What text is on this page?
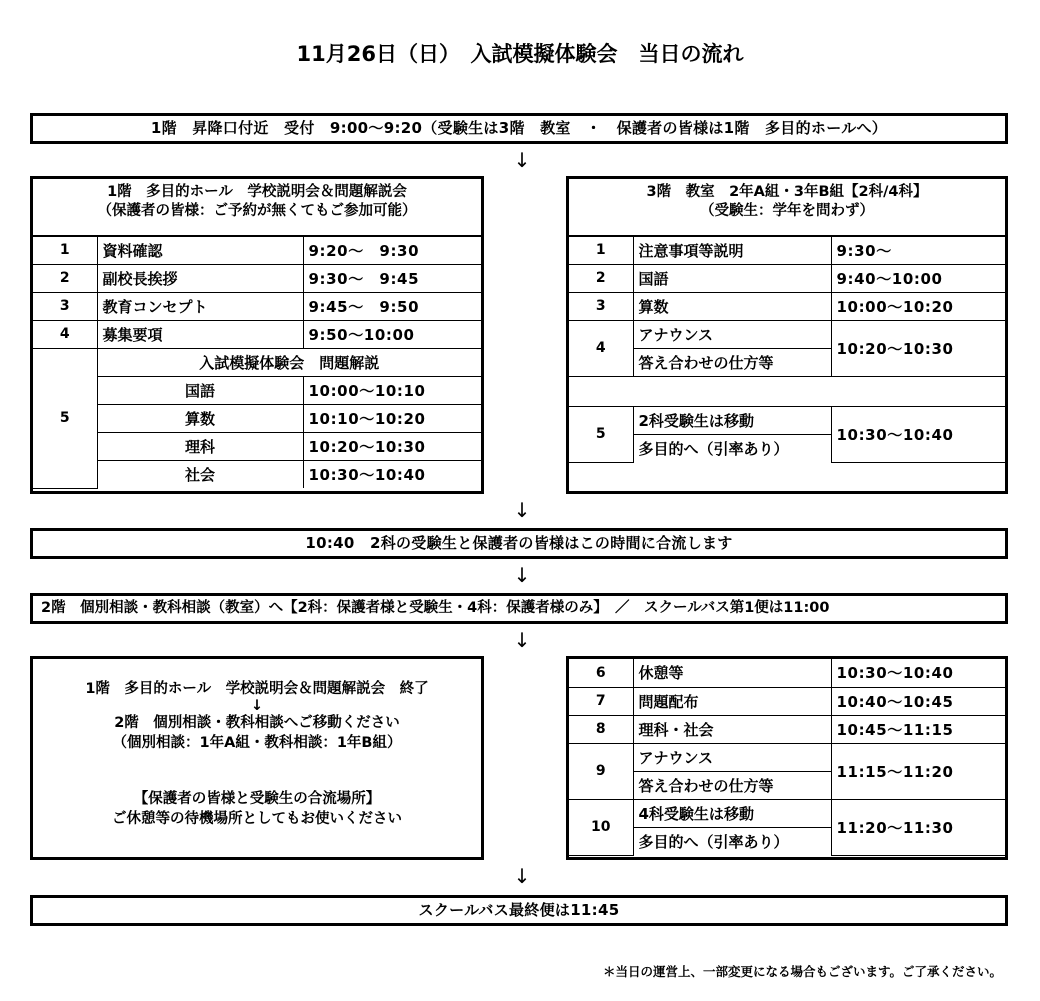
11月26日（日）　入試模擬体験会　当日の流れ
1階　昇降口付近　受付　9:00～9:20（受験生は3階　教室　・　保護者の皆様は1階　多目的ホールへ）
↓
1階　多目的ホール　学校説明会＆問題解説会
（保護者の皆様：ご予約が無くてもご参加可能）
1	資料確認	9:20～　9:30
2	副校長挨拶	9:30～　9:45
3	教育コンセプト	9:45～　9:50
4	募集要項	9:50～10:00
5	入試模擬体験会　問題解説	
	国語	10:00～10:10
	算数	10:10～10:20
	理科	10:20～10:30
	社会	10:30～10:40
3階　教室　2年A組・3年B組【2科/4科】
（受験生：学年を問わず）
1	注意事項等説明	9:30～
2	国語	9:40～10:00
3	算数	10:00～10:20
4	アナウンス	10:20～10:30
	答え合わせの仕方等	

5	2科受験生は移動	10:30～10:40
	多目的へ（引率あり）	
↓
10:40　2科の受験生と保護者の皆様はこの時間に合流します
↓
2階　個別相談・教科相談（教室）へ【2科：保護者様と受験生・4科：保護者様のみ】　／　スクールバス第1便は11:00
↓
1階　多目的ホール　学校説明会＆問題解説会　終了
↓
2階　個別相談・教科相談へご移動ください
（個別相談：1年A組・教科相談：1年B組）
【保護者の皆様と受験生の合流場所】
ご休憩等の待機場所としてもお使いください
6	休憩等	10:30～10:40
7	問題配布	10:40～10:45
8	理科・社会	10:45～11:15
9	アナウンス	11:15～11:20
	答え合わせの仕方等	
10	4科受験生は移動	11:20～11:30
	多目的へ（引率あり）	
↓
スクールバス最終便は11:45
＊当日の運営上、一部変更になる場合もございます。ご了承ください。
